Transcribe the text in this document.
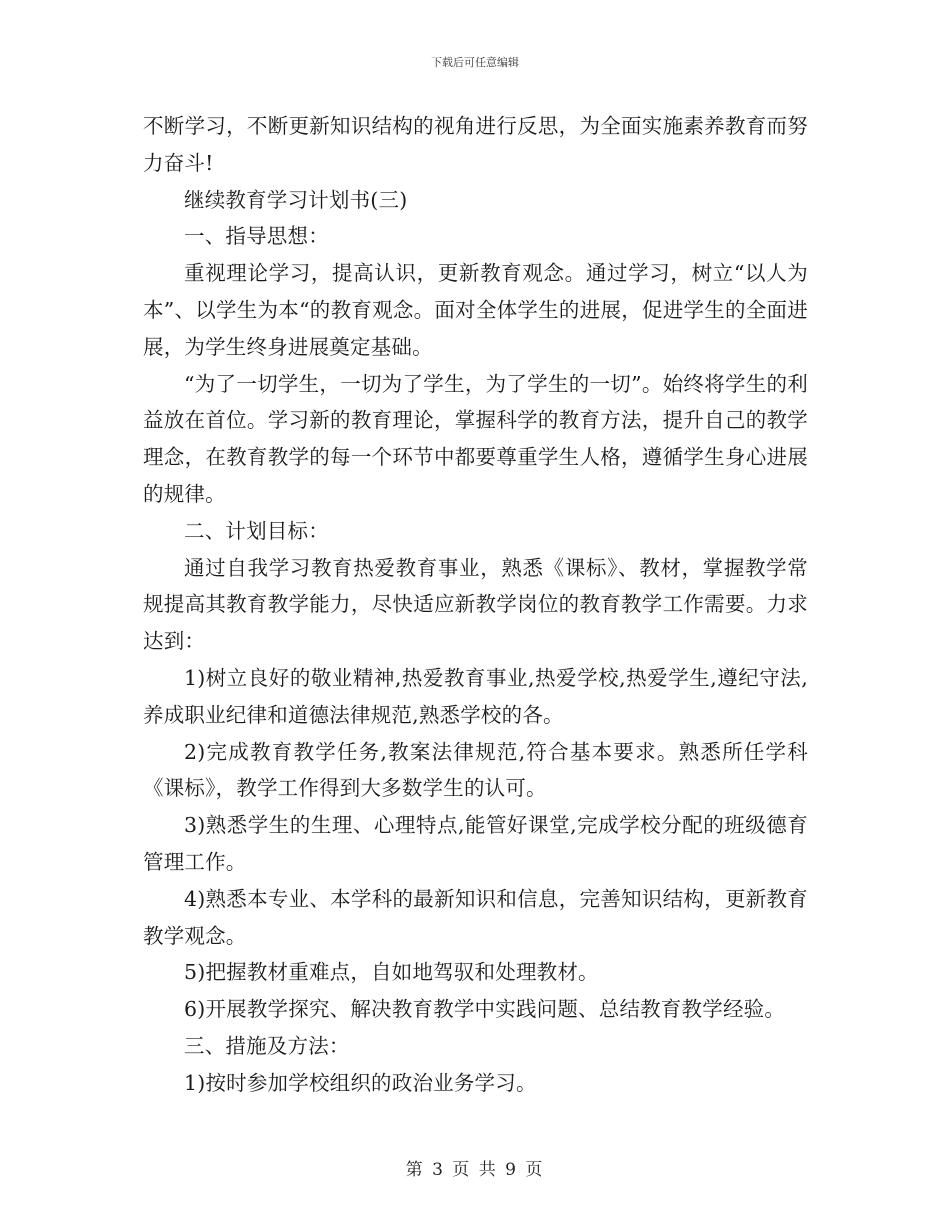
下载后可任意编辑

不断学习，不断更新知识结构的视角进行反思，为全面实施素养教育而努力奋斗!

继续教育学习计划书(三)

一、指导思想：

重视理论学习，提高认识，更新教育观念。通过学习，树立“以人为本”、以学生为本“的教育观念。面对全体学生的进展，促进学生的全面进展，为学生终身进展奠定基础。

“为了一切学生，一切为了学生，为了学生的一切”。始终将学生的利益放在首位。学习新的教育理论，掌握科学的教育方法，提升自己的教学理念，在教育教学的每一个环节中都要尊重学生人格，遵循学生身心进展的规律。

二、计划目标：

通过自我学习教育热爱教育事业，熟悉《课标》、教材，掌握教学常规提高其教育教学能力，尽快适应新教学岗位的教育教学工作需要。力求达到：

1)树立良好的敬业精神,热爱教育事业,热爱学校,热爱学生,遵纪守法,养成职业纪律和道德法律规范,熟悉学校的各。

2)完成教育教学任务,教案法律规范,符合基本要求。熟悉所任学科《课标》，教学工作得到大多数学生的认可。

3)熟悉学生的生理、心理特点,能管好课堂,完成学校分配的班级德育管理工作。

4)熟悉本专业、本学科的最新知识和信息，完善知识结构，更新教育教学观念。

5)把握教材重难点，自如地驾驭和处理教材。

6)开展教学探究、解决教育教学中实践问题、总结教育教学经验。

三、措施及方法：

1)按时参加学校组织的政治业务学习。

第 3 页 共 9 页
